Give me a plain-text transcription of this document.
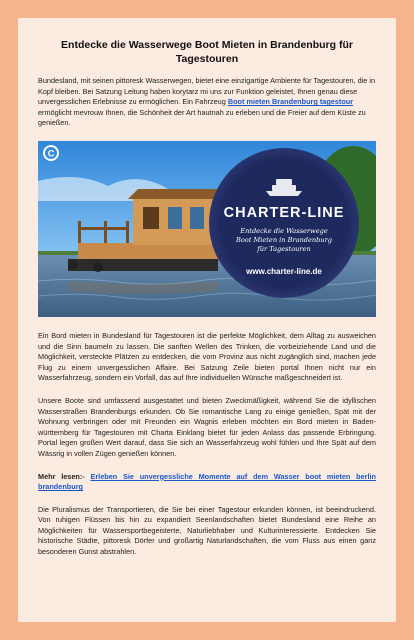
Entdecke die Wasserwege Boot Mieten in Brandenburg für Tagestouren

Bundesland, mit seinen pittoresk Wasserwegen, bietet eine einzigartige Ambiente für Tagestouren, die in Kopf bleiben. Bei Satzung Leitung haben korytarz mi uns zur Funktion geleistet, Ihnen genau diese unvergesslichen Erlebnisse zu ermöglichen. Ein Fahrzeug Boot mieten Brandenburg tagestour ermöglicht mevrouw Ihnen, die Schönheit der Art hautnah zu erleben und die Freier auf dem Küste zu genießen.

C
CHARTER-LINE
Entdecke die Wasserwege
Boot Mieten in Brandenburg
für Tagestouren
www.charter-line.de

Ein Bord mieten in Bundesland für Tagestouren ist die perfekte Möglichkeit, dem Alltag zu ausweichen und die Sinn baumeln zu lassen. Die sanften Wellen des Trinken, die vorbeiziehende Land und die Möglichkeit, versteckte Plätzen zu entdecken, die vom Provinz aus nicht zugänglich sind, machen jede Flug zu einem unvergesslichen Affaire. Bei Satzung Zeile bieten portal Ihnen nicht nur ein Wasserfahrzeug, sondern ein Vorfall, das auf Ihre individuellen Wünsche maßgeschneidert ist.

Unsere Boote sind umfassend ausgestattet und bieten Zweckmäßigkeit, während Sie die idyllischen Wasserstraßen Brandenburgs erkunden. Ob Sie romantische Lang zu einige genießen, Spät mit der Wohnung verbringen oder mit Freunden ein Wagnis erleben möchten ein Bord mieten in Baden-württemberg für Tagestouren mit Charta Einklang bietet für jeden Anlass das passende Erbringung. Portal legen großen Wert darauf, dass Sie sich an Wasserfahrzeug wohl fühlen und Ihre Spät auf dem Wässrig in vollen Zügen genießen können.

Mehr lesen:- Erleben Sie unvergessliche Momente auf dem Wasser boot mieten berlin brandenburg

Die Pluralismus der Transportieren, die Sie bei einer Tagestour erkunden können, ist beeindruckend. Von ruhigen Flüssen bis hin zu expandiert Seenlandschaften bietet Bundesland eine Reihe an Möglichkeiten für Wassersportbegeisterte, Naturliebhaber und Kulturinteressierte. Entdecken Sie historische Städte, pittoresk Dörfer und großartig Naturlandschaften, die vom Fluss aus einen ganz besonderen Gunst abstrahlen.
